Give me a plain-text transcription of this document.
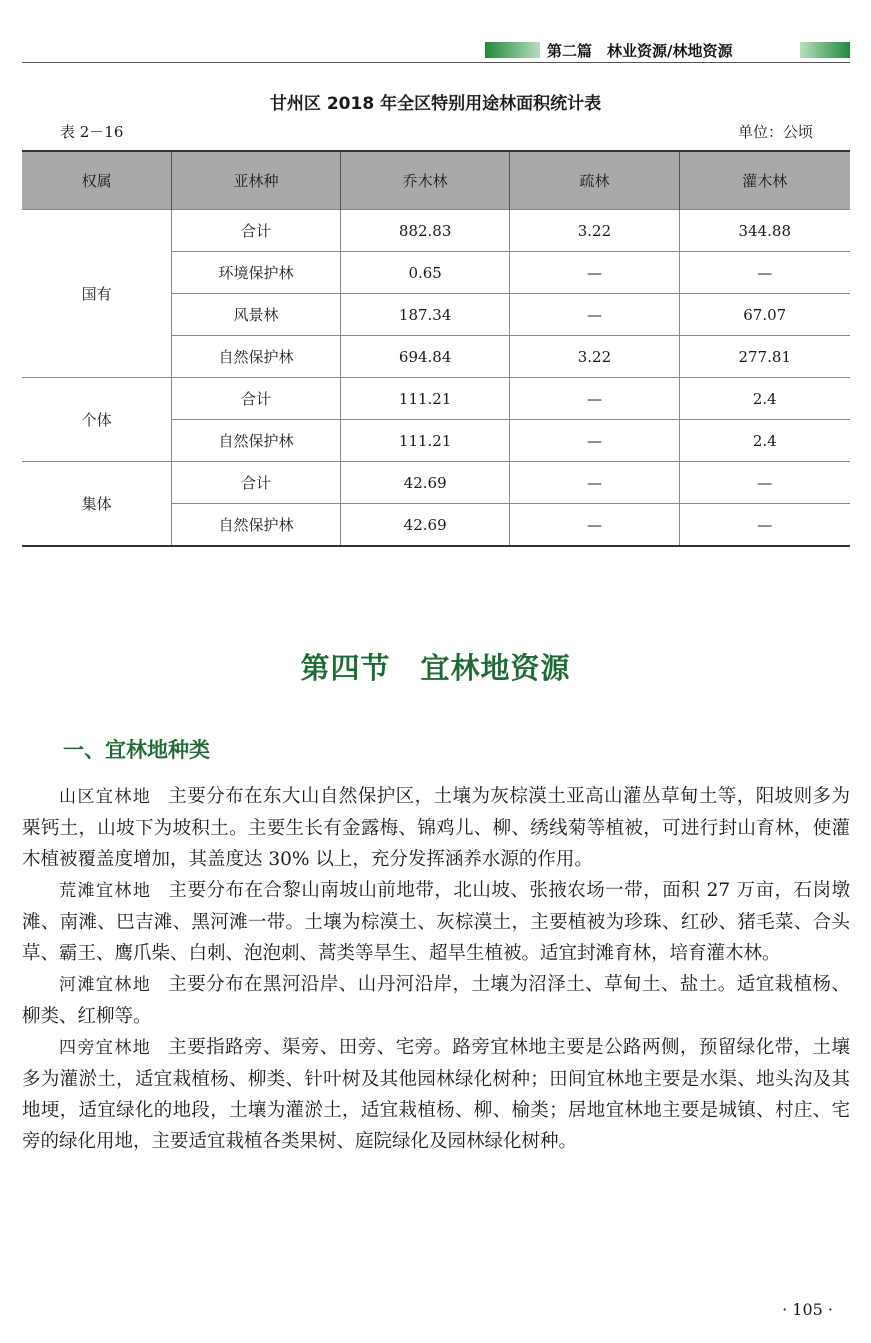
第二篇　林业资源/林地资源
甘州区 2018 年全区特别用途林面积统计表
表 2－16	单位：公顷
权属	亚林种	乔木林	疏林	灌木林
国有	合计	882.83	3.22	344.88
	环境保护林	0.65	—	—
	风景林	187.34	—	67.07
	自然保护林	694.84	3.22	277.81
个体	合计	111.21	—	2.4
	自然保护林	111.21	—	2.4
集体	合计	42.69	—	—
	自然保护林	42.69	—	—
第四节　宜林地资源
一、宜林地种类

山区宜林地 主要分布在东大山自然保护区，土壤为灰棕漠土亚高山灌丛草甸土等，阳坡则多为栗钙土，山坡下为坡积土。主要生长有金露梅、锦鸡儿、柳、绣线菊等植被，可进行封山育林，使灌木植被覆盖度增加，其盖度达 30% 以上，充分发挥涵养水源的作用。

荒滩宜林地 主要分布在合黎山南坡山前地带，北山坡、张掖农场一带，面积 27 万亩，石岗墩滩、南滩、巴吉滩、黑河滩一带。土壤为棕漠土、灰棕漠土，主要植被为珍珠、红砂、猪毛菜、合头草、霸王、鹰爪柴、白刺、泡泡刺、蒿类等旱生、超旱生植被。适宜封滩育林，培育灌木林。

河滩宜林地 主要分布在黑河沿岸、山丹河沿岸，土壤为沼泽土、草甸土、盐土。适宜栽植杨、柳类、红柳等。

四旁宜林地 主要指路旁、渠旁、田旁、宅旁。路旁宜林地主要是公路两侧，预留绿化带，土壤多为灌淤土，适宜栽植杨、柳类、针叶树及其他园林绿化树种；田间宜林地主要是水渠、地头沟及其地埂，适宜绿化的地段，土壤为灌淤土，适宜栽植杨、柳、榆类；居地宜林地主要是城镇、村庄、宅旁的绿化用地，主要适宜栽植各类果树、庭院绿化及园林绿化树种。

· 105 ·
